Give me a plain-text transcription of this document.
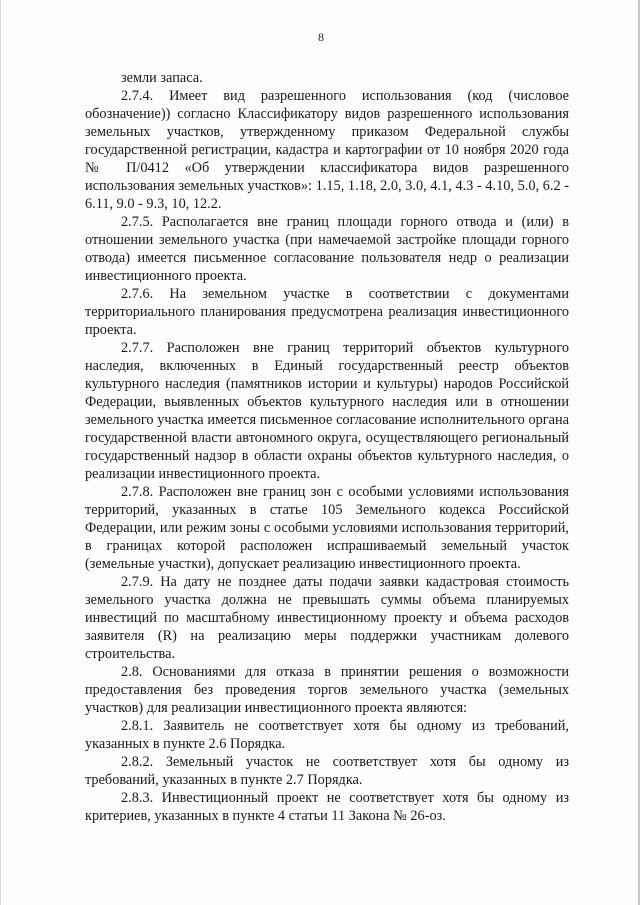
8

земли запаса.

2.7.4. Имеет вид разрешенного использования (код (числовое обозначение)) согласно Классификатору видов разрешенного использования земельных участков, утвержденному приказом Федеральной службы государственной регистрации, кадастра и картографии от 10 ноября 2020 года № П/0412 «Об утверждении классификатора видов разрешенного использования земельных участков»: 1.15, 1.18, 2.0, 3.0, 4.1, 4.3 - 4.10, 5.0, 6.2 - 6.11, 9.0 - 9.3, 10, 12.2.

2.7.5. Располагается вне границ площади горного отвода и (или) в отношении земельного участка (при намечаемой застройке площади горного отвода) имеется письменное согласование пользователя недр о реализации инвестиционного проекта.

2.7.6. На земельном участке в соответствии с документами территориального планирования предусмотрена реализация инвестиционного проекта.

2.7.7. Расположен вне границ территорий объектов культурного наследия, включенных в Единый государственный реестр объектов культурного наследия (памятников истории и культуры) народов Российской Федерации, выявленных объектов культурного наследия или в отношении земельного участка имеется письменное согласование исполнительного органа государственной власти автономного округа, осуществляющего региональный государственный надзор в области охраны объектов культурного наследия, о реализации инвестиционного проекта.

2.7.8. Расположен вне границ зон с особыми условиями использования территорий, указанных в статье 105 Земельного кодекса Российской Федерации, или режим зоны с особыми условиями использования территорий, в границах которой расположен испрашиваемый земельный участок (земельные участки), допускает реализацию инвестиционного проекта.

2.7.9. На дату не позднее даты подачи заявки кадастровая стоимость земельного участка должна не превышать суммы объема планируемых инвестиций по масштабному инвестиционному проекту и объема расходов заявителя (R) на реализацию меры поддержки участникам долевого строительства.

2.8. Основаниями для отказа в принятии решения о возможности предоставления без проведения торгов земельного участка (земельных участков) для реализации инвестиционного проекта являются:

2.8.1. Заявитель не соответствует хотя бы одному из требований, указанных в пункте 2.6 Порядка.

2.8.2. Земельный участок не соответствует хотя бы одному из требований, указанных в пункте 2.7 Порядка.

2.8.3. Инвестиционный проект не соответствует хотя бы одному из критериев, указанных в пункте 4 статьи 11 Закона № 26-оз.
